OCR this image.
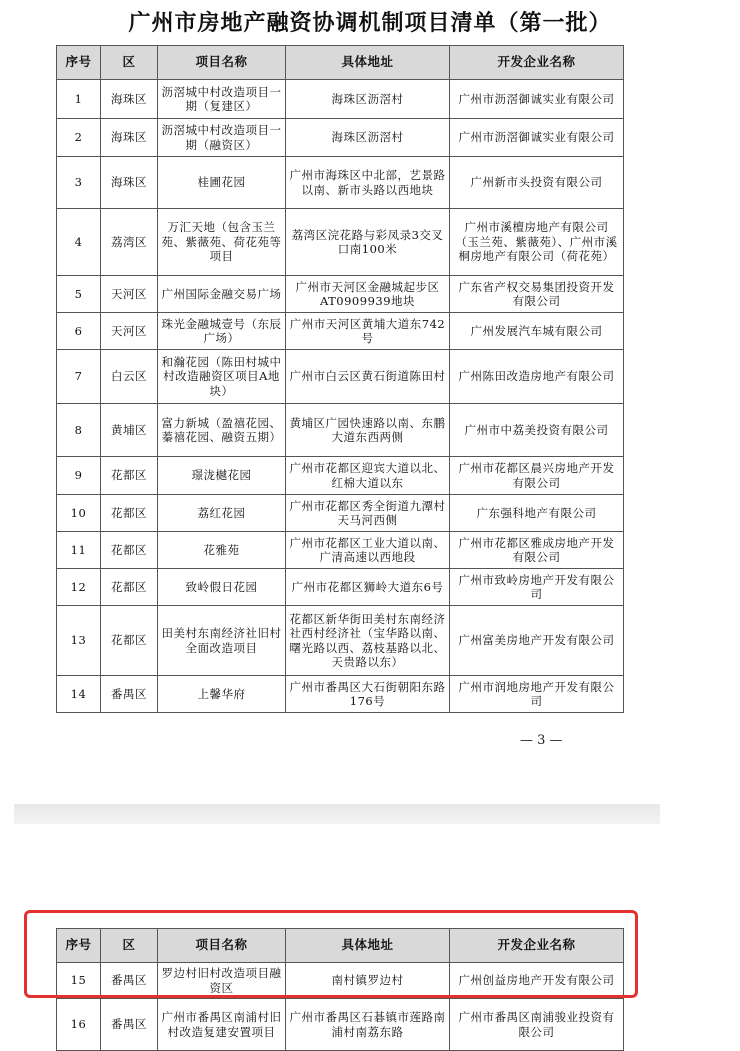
广州市房地产融资协调机制项目清单（第一批）
序号	区	项目名称	具体地址	开发企业名称
1	海珠区	沥滘城中村改造项目一期（复建区）	海珠区沥滘村	广州市沥滘御诚实业有限公司
2	海珠区	沥滘城中村改造项目一期（融资区）	海珠区沥滘村	广州市沥滘御诚实业有限公司
3	海珠区	桂圃花园	广州市海珠区中北部，艺景路以南、新市头路以西地块	广州新市头投资有限公司
4	荔湾区	万汇天地（包含玉兰苑、紫薇苑、荷花苑等项目	荔湾区浣花路与彩凤录3交叉口南100米	广州市溪檀房地产有限公司（玉兰苑、紫薇苑）、广州市溪桐房地产有限公司（荷花苑）
5	天河区	广州国际金融交易广场	广州市天河区金融城起步区AT0909939地块	广东省产权交易集团投资开发有限公司
6	天河区	珠光金融城壹号（东辰广场）	广州市天河区黄埔大道东742号	广州发展汽车城有限公司
7	白云区	和瀚花园（陈田村城中村改造融资区项目A地块）	广州市白云区黄石街道陈田村	广州陈田改造房地产有限公司
8	黄埔区	富力新城（盈禧花园、蓁禧花园、融资五期）	黄埔区广园快速路以南、东鹏大道东西两侧	广州市中荔美投资有限公司
9	花都区	璟泷樾花园	广州市花都区迎宾大道以北、红棉大道以东	广州市花都区晨兴房地产开发有限公司
10	花都区	荔红花园	广州市花都区秀全街道九潭村天马河西侧	广东强科地产有限公司
11	花都区	花雅苑	广州市花都区工业大道以南、广清高速以西地段	广州市花都区雅成房地产开发有限公司
12	花都区	致岭假日花园	广州市花都区狮岭大道东6号	广州市致岭房地产开发有限公司
13	花都区	田美村东南经济社旧村全面改造项目	花都区新华街田美村东南经济社西村经济社（宝华路以南、曙光路以西、荔枝基路以北、天贵路以东）	广州富美房地产开发有限公司
14	番禺区	上馨华府	广州市番禺区大石街朝阳东路176号	广州市润地房地产开发有限公司
— 3 —
序号	区	项目名称	具体地址	开发企业名称
15	番禺区	罗边村旧村改造项目融资区	南村镇罗边村	广州创益房地产开发有限公司
16	番禺区	广州市番禺区南浦村旧村改造复建安置项目	广州市番禺区石碁镇市莲路南浦村南荔东路	广州市番禺区南浦骏业投资有限公司
